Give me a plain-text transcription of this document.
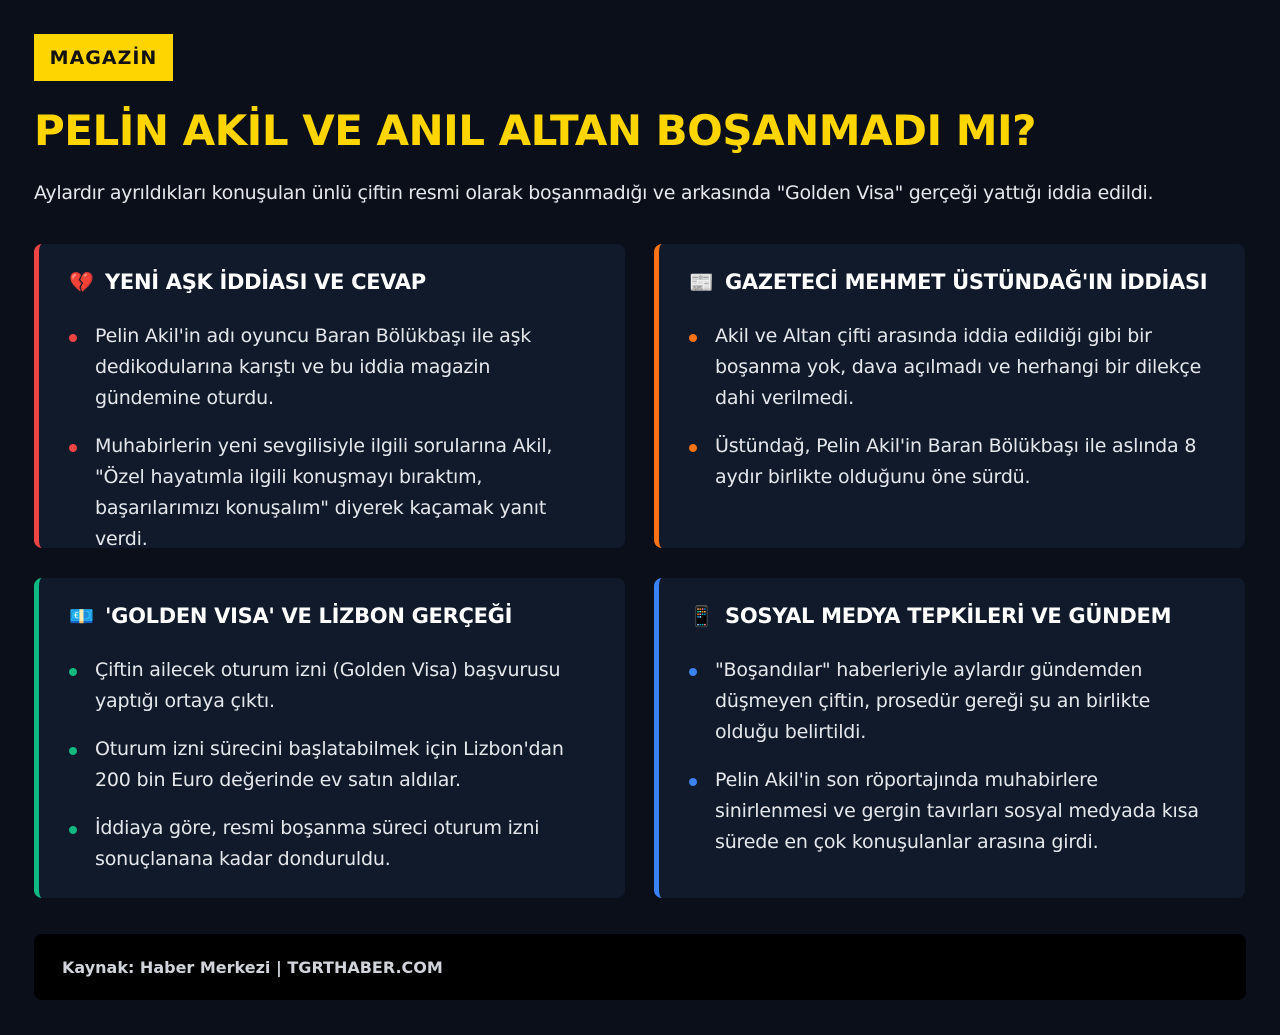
MAGAZİN
PELİN AKİL VE ANIL ALTAN BOŞANMADI MI?

Aylardır ayrıldıkları konuşulan ünlü çiftin resmi olarak boşanmadığı ve arkasında "Golden Visa" gerçeği yattığı iddia edildi.

💔 YENİ AŞK İDDİASI VE CEVAP
Pelin Akil'in adı oyuncu Baran Bölükbaşı ile aşk dedikodularına karıştı ve bu iddia magazin gündemine oturdu.
Muhabirlerin yeni sevgilisiyle ilgili sorularına Akil, "Özel hayatımla ilgili konuşmayı bıraktım, başarılarımızı konuşalım" diyerek kaçamak yanıt verdi.
📰 GAZETECİ MEHMET ÜSTÜNDAĞ'IN İDDİASI
Akil ve Altan çifti arasında iddia edildiği gibi bir boşanma yok, dava açılmadı ve herhangi bir dilekçe dahi verilmedi.
Üstündağ, Pelin Akil'in Baran Bölükbaşı ile aslında 8 aydır birlikte olduğunu öne sürdü.
💶 'GOLDEN VISA' VE LİZBON GERÇEĞİ
Çiftin ailecek oturum izni (Golden Visa) başvurusu yaptığı ortaya çıktı.
Oturum izni sürecini başlatabilmek için Lizbon'dan 200 bin Euro değerinde ev satın aldılar.
İddiaya göre, resmi boşanma süreci oturum izni sonuçlanana kadar donduruldu.
📱 SOSYAL MEDYA TEPKİLERİ VE GÜNDEM
"Boşandılar" haberleriyle aylardır gündemden düşmeyen çiftin, prosedür gereği şu an birlikte olduğu belirtildi.
Pelin Akil'in son röportajında muhabirlere sinirlenmesi ve gergin tavırları sosyal medyada kısa sürede en çok konuşulanlar arasına girdi.
Kaynak: Haber Merkezi | TGRTHABER.COM
